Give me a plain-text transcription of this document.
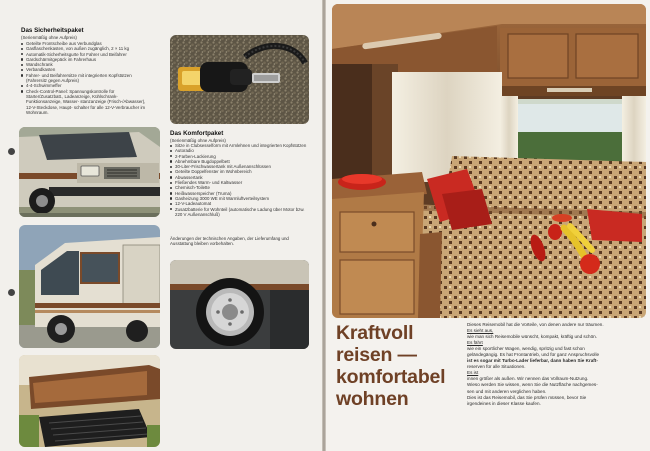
Das Sicherheitspaket
(Serienmäßig ohne Aufpreis)
Geteilte Frontscheibe aus Verbundglas
Gasflaschenkasten, von außen zugänglich, 2 × 11 kg
Automatik-Sicherheitsgurte für Fahrer und Beifahrer
Gardschärmitgepäck im Fahrerhaus
Wandschrank
Verbandkasten
Fahrer- und Beifahrersitze mit integrierten Kopfstützen (Fahrersitz gegen Aufpreis)
4-4-Schwimmeffer
Check-Control-Panel: Spannungskontrolle für Starter/Zusatzbatt., Ladeanzeige, Kühlschrank-Funktionsanzeige, Wasser- stanzanzeige (Frisch-/Abwasser), 12-V-Steckdose, Haupt- schalter für alle 12-V-Verbraucher im Wohnraum.
Das Komfortpaket
(Serienmäßig ohne Aufpreis)
Sitze in Clubsesselform mit Armlehnen und integrierten Kopfstützen
Autoradio
2-Farben-Lackierung
Abnehmbare Bugdoppelbett
30-Liter-Frischwassertank mit Außenanschlüssen
Geteilte Doppelfenster im Wohnbereich
Abwassertank
Fließendes Warm- und Kaltwasser
Chemisch-Toilette
Heißwasserspeicher (Truma)
Gasheizung 3000 WE mit Warmluftverteilsystem
12-V-Ladeautomat
Zusatzbatterie für Wohnteil (automatische Ladung über Motor bzw. 220 V Außenanschluß)
Änderungen der technischen Angaben, der Lieferumfang und Ausstattung bleiben vorbehalten.
Kraftvoll
reisen —
komfortabel
wohnen

Dieses Reisemobil hat die Vorteile, von denen andere nur träumen.

Es sieht aus,

wie man sich Reisemobile wünscht, kompakt, kräftig und schön.

Es fährt

wie ein sportlicher Wagen, wendig, spritzig und fast schon

geländegängig. Es hat Frontantrieb, und für ganz Anspruchsvolle

ist es sogar mit Turbo-Lader lieferbar, dann haben Sie Kraft-

reserven für alle Situationen.

Es ist

innen größer als außen. Wir nennen das Vollraum-Nutzung.

Wieso werden Sie wissen, wenn Sie die Nutzfläche nachgemes-

sen und mit anderen verglichen haben.

Dies ist das Reisemobil, das Sie prüfen müssen, bevor Sie

irgendeines in dieser Klasse kaufen.
